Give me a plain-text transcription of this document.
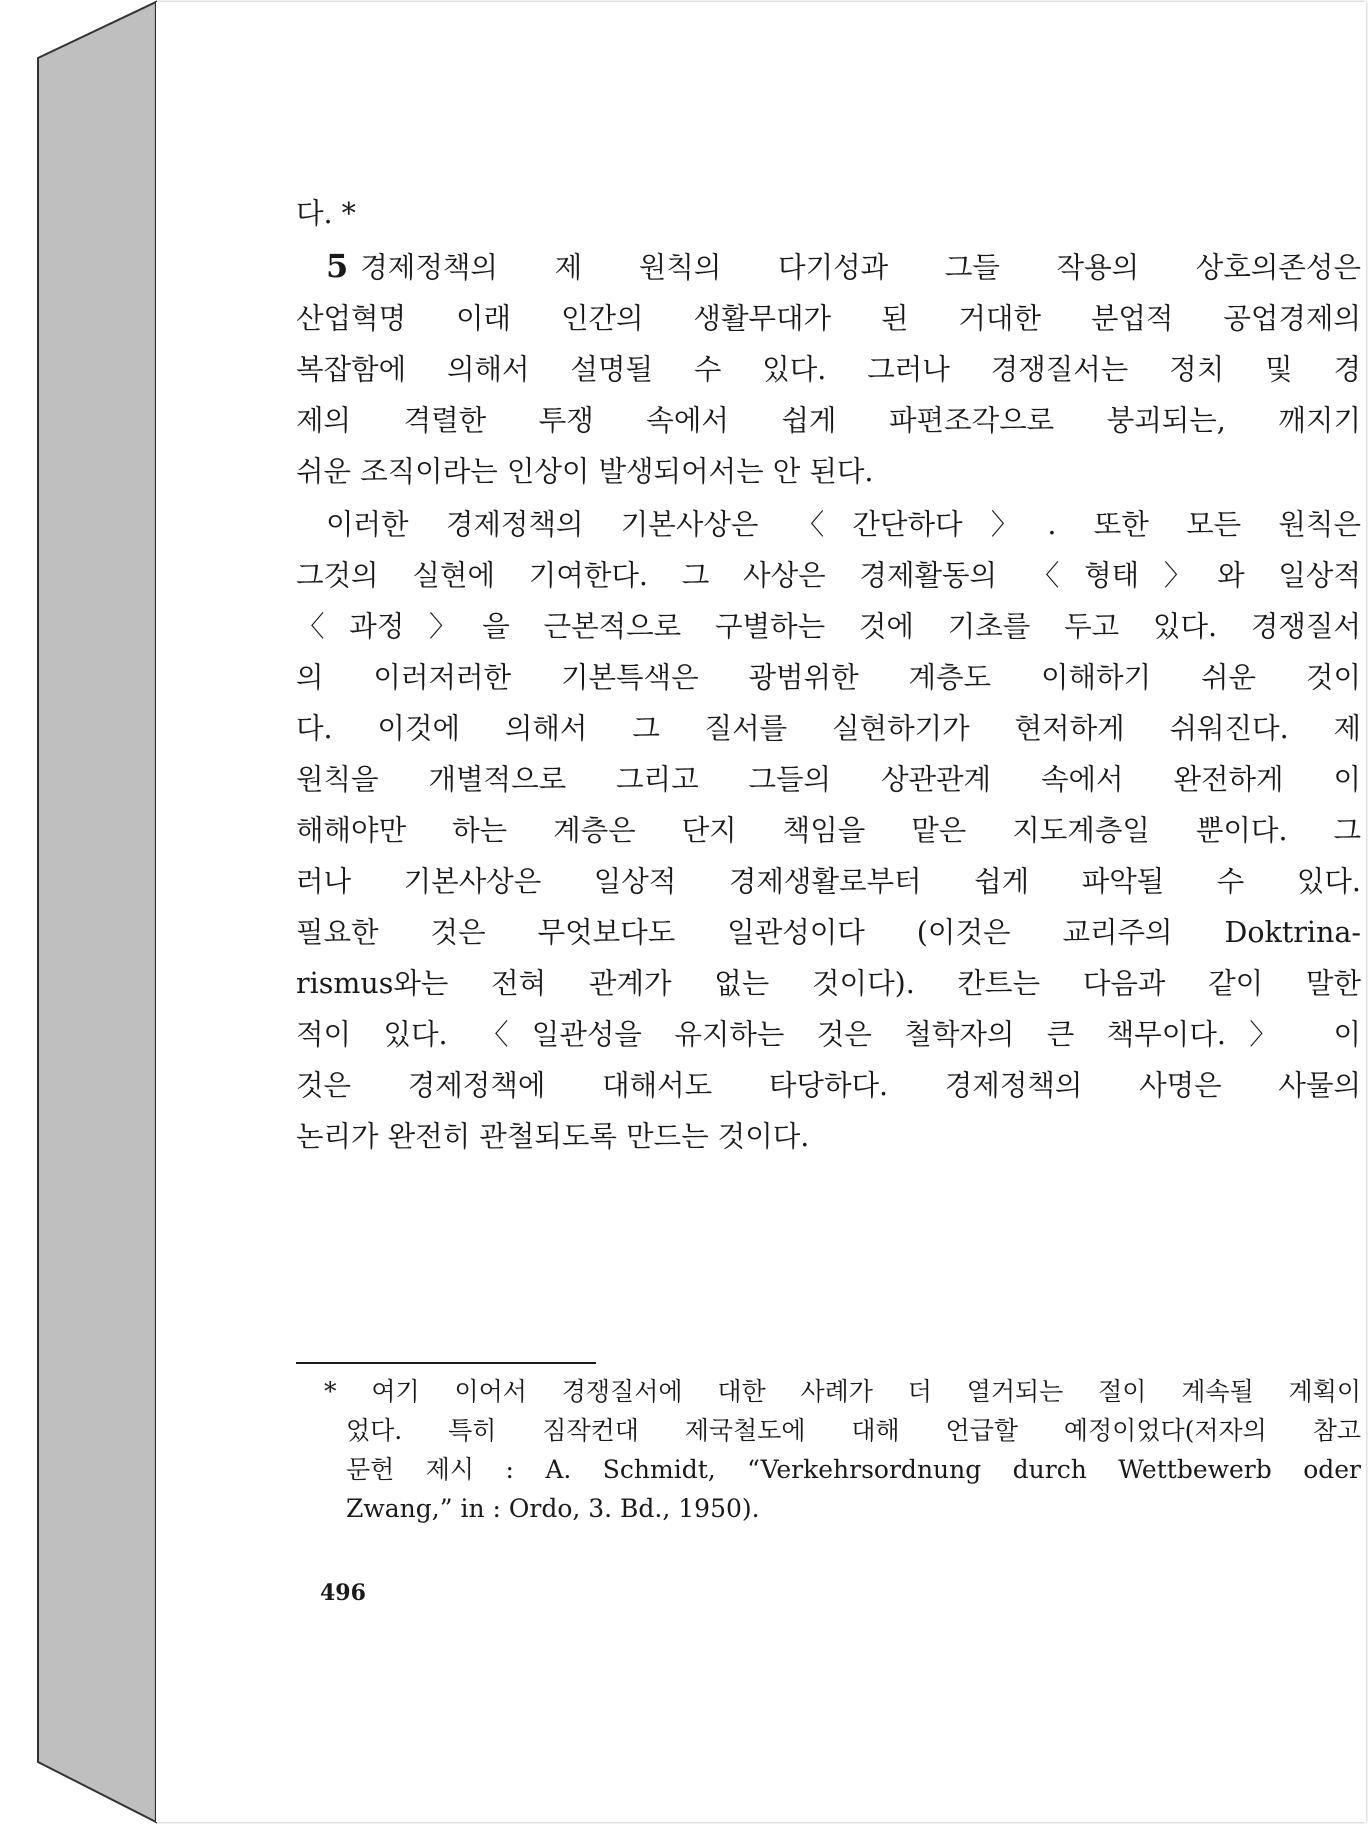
다. *
5 경제정책의 제 원칙의 다기성과 그들 작용의 상호의존성은
산업혁명 이래 인간의 생활무대가 된 거대한 분업적 공업경제의
복잡함에 의해서 설명될 수 있다. 그러나 경쟁질서는 정치 및 경
제의 격렬한 투쟁 속에서 쉽게 파편조각으로 붕괴되는, 깨지기
쉬운 조직이라는 인상이 발생되어서는 안 된다.
이러한 경제정책의 기본사상은 〈간단하다〉. 또한 모든 원칙은
그것의 실현에 기여한다. 그 사상은 경제활동의 〈형태〉와 일상적
〈과정〉을 근본적으로 구별하는 것에 기초를 두고 있다. 경쟁질서
의 이러저러한 기본특색은 광범위한 계층도 이해하기 쉬운 것이
다. 이것에 의해서 그 질서를 실현하기가 현저하게 쉬워진다. 제
원칙을 개별적으로 그리고 그들의 상관관계 속에서 완전하게 이
해해야만 하는 계층은 단지 책임을 맡은 지도계층일 뿐이다. 그
러나 기본사상은 일상적 경제생활로부터 쉽게 파악될 수 있다.
필요한 것은 무엇보다도 일관성이다 (이것은 교리주의 Doktrina-
rismus와는 전혀 관계가 없는 것이다). 칸트는 다음과 같이 말한
적이 있다. 〈일관성을 유지하는 것은 철학자의 큰 책무이다.〉 이
것은 경제정책에 대해서도 타당하다. 경제정책의 사명은 사물의
논리가 완전히 관철되도록 만드는 것이다.
* 여기 이어서 경쟁질서에 대한 사례가 더 열거되는 절이 계속될 계획이
었다. 특히 짐작컨대 제국철도에 대해 언급할 예정이었다(저자의 참고
문헌 제시 : A. Schmidt, “Verkehrsordnung durch Wettbewerb oder
Zwang,” in : Ordo, 3. Bd., 1950).
496
